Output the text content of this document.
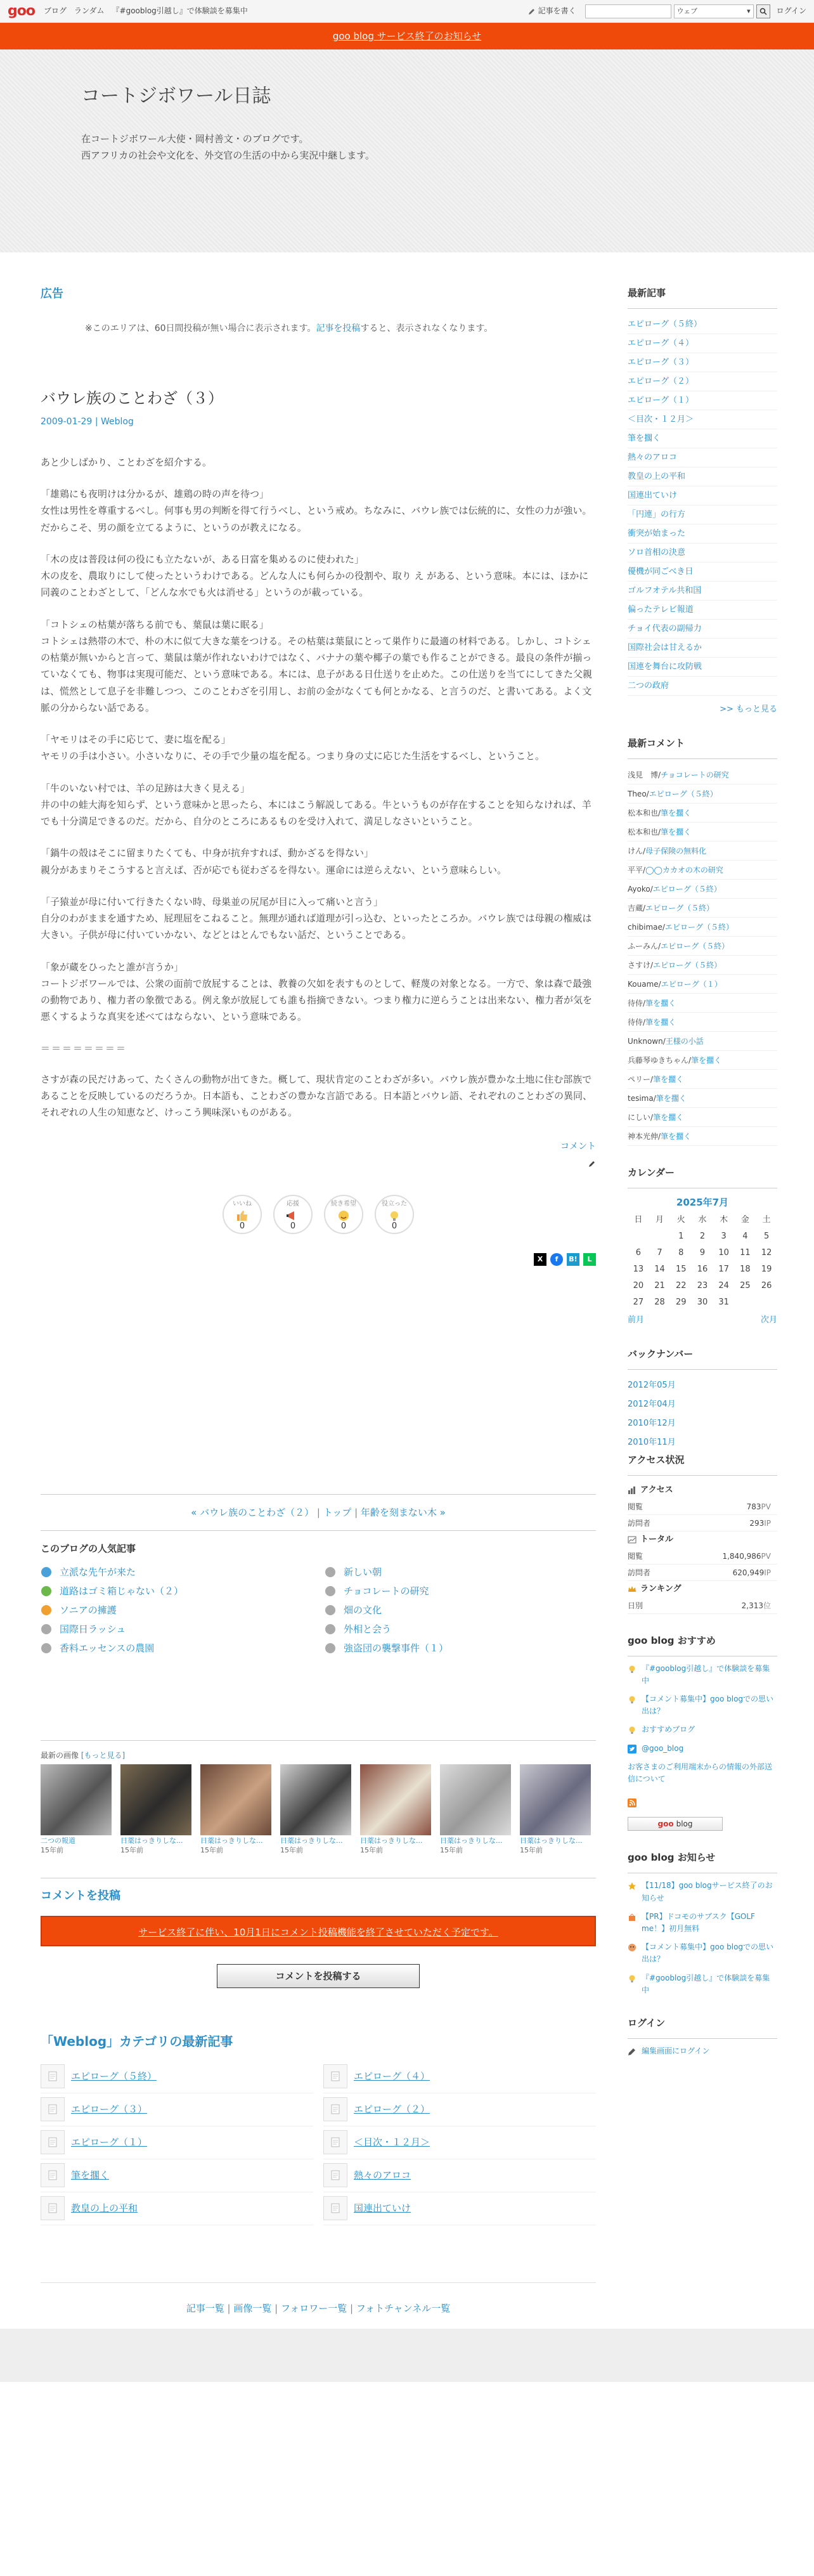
goo ブログ ランダム 『#gooblog引越し』で体験談を募集中	記事を書く	ウェブ	▾	ログイン
goo blog サービス終了のお知らせ
コートジボワール日誌
在コートジボワール大使・岡村善文・のブログです。
西アフリカの社会や文化を、外交官の生活の中から実況中継します。
広告
※このエリアは、60日間投稿が無い場合に表示されます。記事を投稿すると、表示されなくなります。
バウレ族のことわざ（３）
2009-01-29 | Weblog

あと少しばかり、ことわざを紹介する。

「雄鶏にも夜明けは分かるが、雄鶏の時の声を待つ」
女性は男性を尊重するべし。何事も男の判断を得て行うべし、という戒め。ちなみに、バウレ族では伝統的に、女性の力が強い。だからこそ、男の顔を立てるように、というのが教えになる。

「木の皮は普段は何の役にも立たないが、ある日富を集めるのに使われた」
木の皮を、農取りにして使ったというわけである。どんな人にも何らかの役割や、取り え がある、という意味。本には、ほかに同義のことわざとして、「どんな水でも火は消せる」というのが載っている。

「コトシェの枯葉が落ちる前でも、葉鼠は葉に眠る」
コトシェは熱帯の木で、朴の木に似て大きな葉をつける。その枯葉は葉鼠にとって巣作りに最適の材料である。しかし、コトシェの枯葉が無いからと言って、葉鼠は葉が作れないわけではなく、バナナの葉や椰子の葉でも作ることができる。最良の条件が揃っていなくても、物事は実現可能だ、という意味である。本には、息子がある日仕送りを止めた。この仕送りを当てにしてきた父親は、慌然として息子を非難しつつ、このことわざを引用し、お前の金がなくても何とかなる、と言うのだ、と書いてある。よく文脈の分からない話である。

「ヤモリはその手に応じて、妻に塩を配る」
ヤモリの手は小さい。小さいなりに、その手で少量の塩を配る。つまり身の丈に応じた生活をするべし、ということ。

「牛のいない村では、羊の足跡は大きく見える」
井の中の蛙大海を知らず、という意味かと思ったら、本にはこう解説してある。牛というものが存在することを知らなければ、羊でも十分満足できるのだ。だから、自分のところにあるものを受け入れて、満足しなさいということ。

「鍋牛の殻はそこに留まりたくても、中身が抗弁すれば、動かざるを得ない」
親分があまりそこうすると言えば、否が応でも従わざるを得ない。運命には逆らえない、という意味らしい。

「子猿並が母に付いて行きたくない時、母巣並の尻尾が目に入って痛いと言う」
自分のわがままを通すため、屁理屈をこねること。無理が通れば道理が引っ込む、といったところか。バウレ族では母親の権威は大きい。子供が母に付いていかない、などとはとんでもない話だ、ということである。

「象が蔵をひったと誰が言うか」
コートジボワールでは、公衆の面前で放屁することは、教養の欠如を表すものとして、軽蔑の対象となる。一方で、象は森で最強の動物であり、権力者の象徴である。例え象が放屁しても誰も指摘できない。つまり権力に逆らうことは出来ない、権力者が気を悪くするような真実を述べてはならない、という意味である。

＝＝＝＝＝＝＝＝

さすが森の民だけあって、たくさんの動物が出てきた。概して、現状肯定のことわざが多い。バウレ族が豊かな土地に住む部族であることを反映しているのだろうか。日本語も、ことわざの豊かな言語である。日本語とバウレ語、それぞれのことわざの異同、それぞれの人生の知恵など、けっこう興味深いものがある。

コメント
いいね
0
応援
0
続き希望
0
役立った
0
X	f	B!	L
« バウレ族のことわざ（２） | トップ | 年齢を刻まない木 »
このブログの人気記事
立派な先午が来た	新しい朝
道路はゴミ箱じゃない（２）	チョコレートの研究
ソニアの擁護	畑の文化
国際日ラッシュ	外相と会う
香料エッセンスの農園	強盗団の襲撃事件（１）
最新の画像 [もっと見る]
二つの報道
15年前
日薬はっきりしな...
15年前
日薬はっきりしな...
15年前
日薬はっきりしな...
15年前
日薬はっきりしな...
15年前
日薬はっきりしな...
15年前
日薬はっきりしな...
15年前
コメントを投稿
サービス終了に伴い、10月1日にコメント投稿機能を終了させていただく予定です。
コメントを投稿する
「Weblog」カテゴリの最新記事
エピローグ（５終）	エピローグ（４）
エピローグ（３）	エピローグ（２）
エピローグ（１）	＜目次・１２月＞
筆を擱く	熱々のアロコ
教皇の上の平和	国連出ていけ
記事一覧 | 画像一覧 | フォロワー一覧 | フォトチャンネル一覧
最新記事
エピローグ（５終）
エピローグ（４）
エピローグ（３）
エピローグ（２）
エピローグ（１）
＜目次・１２月＞
筆を擱く
熱々のアロコ
教皇の上の平和
国連出ていけ
「円連」の行方
衝突が始まった
ソロ首相の決意
優機が同ごべき日
ゴルフオテル共和国
偏ったテレビ報道
チョイ代表の副帰力
国際社会は甘えるか
国連を舞台に攻防戦
二つの政府
>> もっと見る
最新コメント
浅見　博/チョコレートの研究
Theo/エピローグ（５終）
松本和也/筆を擱く
松本和也/筆を擱く
けん/母子保険の無料化
平平/◯◯カカオの木の研究
Ayoko/エピローグ（５終）
吉蔵/エピローグ（５終）
chibimae/エピローグ（５終）
ふーみん/エピローグ（５終）
さすけ/エピローグ（５終）
Kouame/エピローグ（１）
待侍/筆を擱く
待侍/筆を擱く
Unknown/王様の小話
兵藤琴ゆきちゃん/筆を擱く
ペリー/筆を擱く
tesima/筆を擱く
にしい/筆を擱く
神本光伸/筆を擱く
カレンダー
2025年7月
日	月	火	水	木	金	土
		1	2	3	4	5
6	7	8	9	10	11	12
13	14	15	16	17	18	19
20	21	22	23	24	25	26
27	28	29	30	31		
前月	次月
バックナンバー
2012年05月
2012年04月
2010年12月
2010年11月
アクセス状況
アクセス
閲覧	783PV
訪問者	293IP
トータル
閲覧	1,840,986PV
訪問者	620,949IP
ランキング
日別	2,313位
goo blog おすすめ
『#gooblog引越し』で体験談を募集中
【コメント募集中】goo blogでの思い出は？
おすすめブログ
@goo_blog
お客さまのご利用端末からの情報の外部送信について
goo blog
goo blog お知らせ
【11/18】goo blogサービス終了のお知らせ
【PR】ドコモのサブスク【GOLF me！】初月無料
【コメント募集中】goo blogでの思い出は？
『#gooblog引越し』で体験談を募集中
ログイン
編集画面にログイン
